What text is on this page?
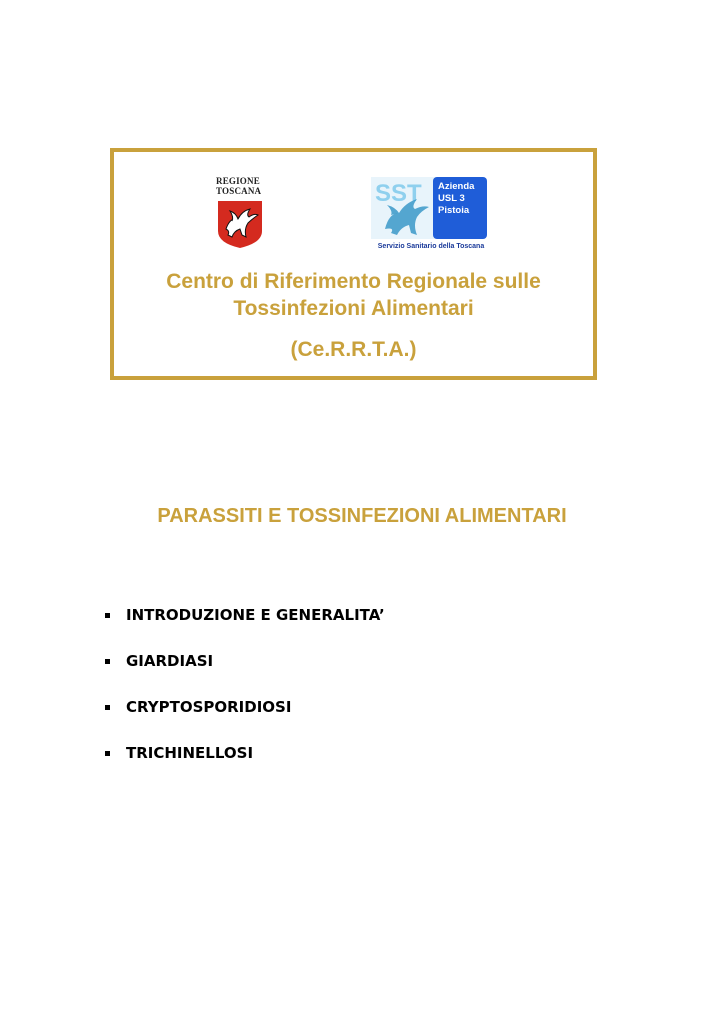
REGIONE
TOSCANA	SST Azienda
USL 3
Pistoia
Servizio Sanitario della Toscana
Centro di Riferimento Regionale sulle
Tossinfezioni Alimentari

(Ce.R.R.T.A.)

PARASSITI E TOSSINFEZIONI ALIMENTARI
INTRODUZIONE E GENERALITA’
GIARDIASI
CRYPTOSPORIDIOSI
TRICHINELLOSI
